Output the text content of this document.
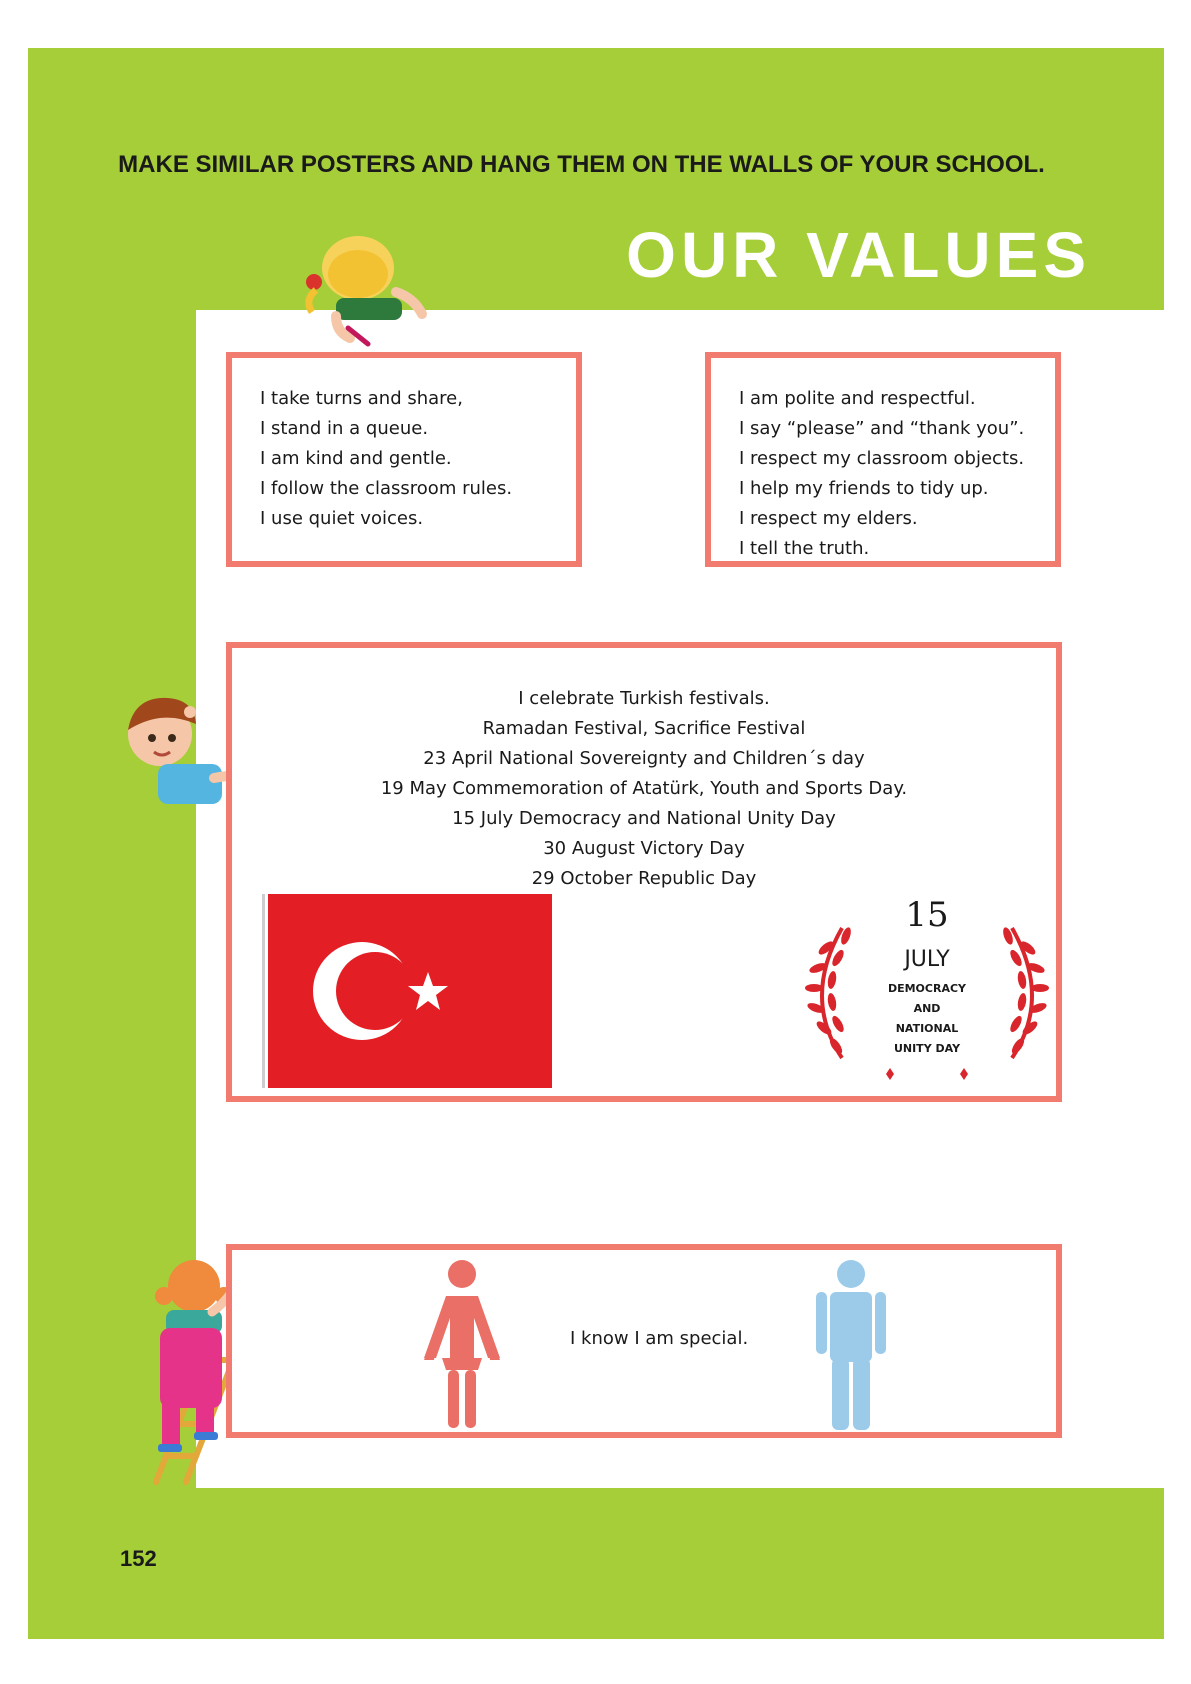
MAKE SIMILAR POSTERS AND HANG THEM ON THE WALLS OF YOUR SCHOOL.
OUR VALUES
I take turns and share,
I stand in a queue.
I am kind and gentle.
I follow the classroom rules.
I use quiet voices.
I am polite and respectful.
I say “please” and “thank you”.
I respect my classroom objects.
I help my friends to tidy up.
I respect my elders.
I tell the truth.
I celebrate Turkish festivals.
Ramadan Festival, Sacrifice Festival
23 April National Sovereignty and Children´s day
19 May Commemoration of Atatürk, Youth and Sports Day.
15 July Democracy and National Unity Day
30 August Victory Day
29 October Republic Day
15
JULY
DEMOCRACY
AND
NATIONAL
UNITY DAY
I know I am special.
152
